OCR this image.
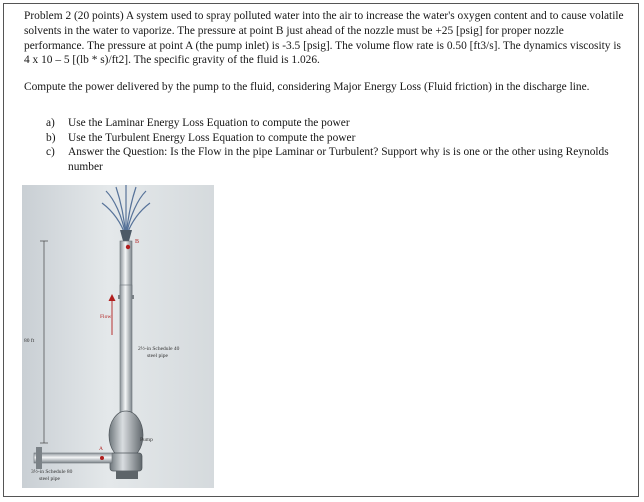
Problem 2 (20 points) A system used to spray polluted water into the air to increase the water's oxygen content and to cause volatile solvents in the water to vaporize. The pressure at point B just ahead of the nozzle must be +25 [psig] for proper nozzle performance. The pressure at point A (the pump inlet) is -3.5 [psig]. The volume flow rate is 0.50 [ft3/s]. The dynamics viscosity is 4 x 10 – 5 [(lb * s)/ft2]. The specific gravity of the fluid is 1.026.

Compute the power delivered by the pump to the fluid, considering Major Energy Loss (Fluid friction) in the discharge line.

a)	Use the Laminar Energy Loss Equation to compute the power
b)	Use the Turbulent Energy Loss Equation to compute the power
c)	Answer the Question: Is the Flow in the pipe Laminar or Turbulent? Support why is is one or the other using Reynolds number
B
Flow
80 ft
2½-in Schedule 40
steel pipe
Pump
A
3½-in Schedule 80
steel pipe
